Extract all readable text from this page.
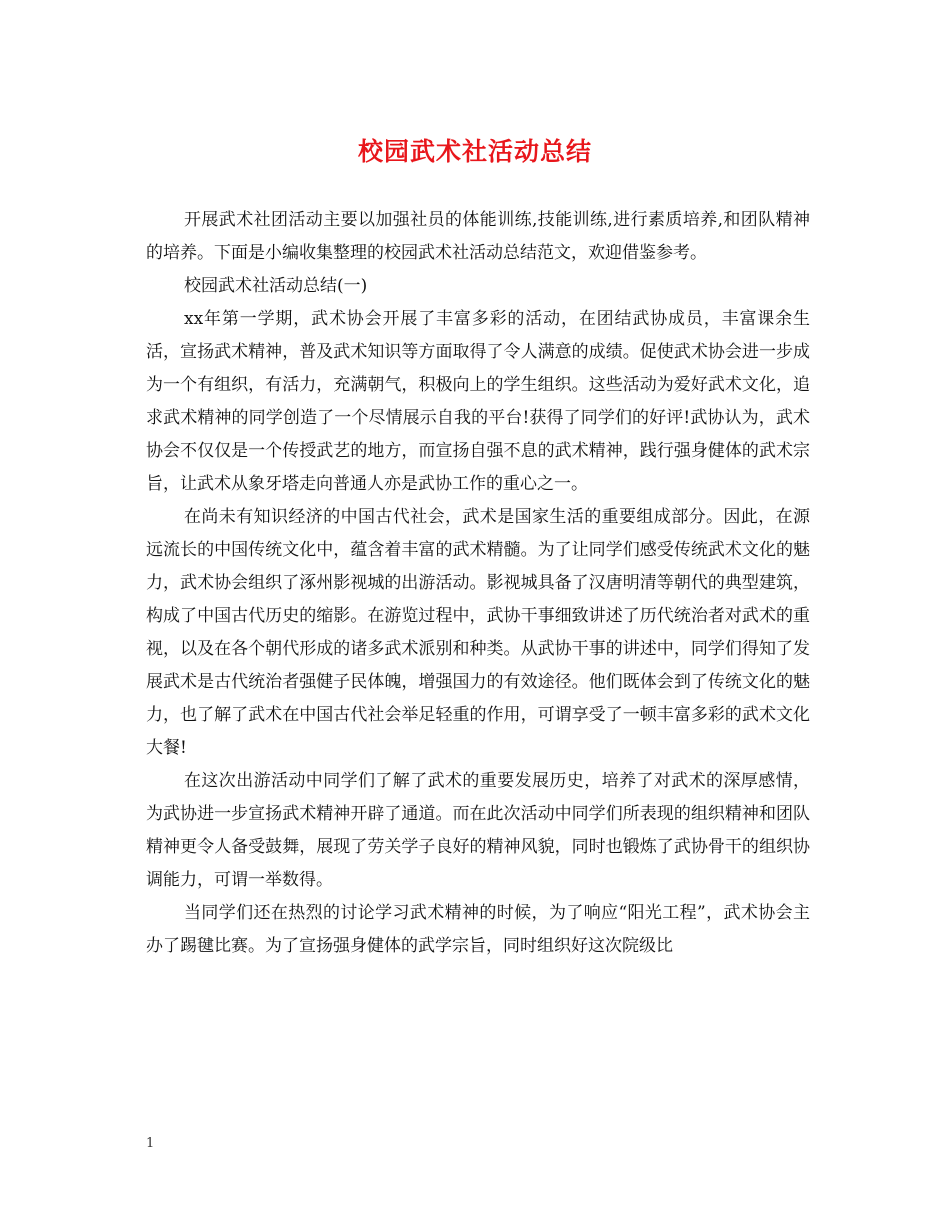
校园武术社活动总结

开展武术社团活动主要以加强社员的体能训练,技能训练,进行素质培养,和团队精神的培养。下面是小编收集整理的校园武术社活动总结范文，欢迎借鉴参考。

校园武术社活动总结(一)

xx年第一学期，武术协会开展了丰富多彩的活动，在团结武协成员，丰富课余生活，宣扬武术精神，普及武术知识等方面取得了令人满意的成绩。促使武术协会进一步成为一个有组织，有活力，充满朝气，积极向上的学生组织。这些活动为爱好武术文化，追求武术精神的同学创造了一个尽情展示自我的平台!获得了同学们的好评!武协认为，武术协会不仅仅是一个传授武艺的地方，而宣扬自强不息的武术精神，践行强身健体的武术宗旨，让武术从象牙塔走向普通人亦是武协工作的重心之一。

在尚未有知识经济的中国古代社会，武术是国家生活的重要组成部分。因此，在源远流长的中国传统文化中，蕴含着丰富的武术精髓。为了让同学们感受传统武术文化的魅力，武术协会组织了涿州影视城的出游活动。影视城具备了汉唐明清等朝代的典型建筑，构成了中国古代历史的缩影。在游览过程中，武协干事细致讲述了历代统治者对武术的重视，以及在各个朝代形成的诸多武术派别和种类。从武协干事的讲述中，同学们得知了发展武术是古代统治者强健子民体魄，增强国力的有效途径。他们既体会到了传统文化的魅力，也了解了武术在中国古代社会举足轻重的作用，可谓享受了一顿丰富多彩的武术文化大餐!

在这次出游活动中同学们了解了武术的重要发展历史，培养了对武术的深厚感情，为武协进一步宣扬武术精神开辟了通道。而在此次活动中同学们所表现的组织精神和团队精神更令人备受鼓舞，展现了劳关学子良好的精神风貌，同时也锻炼了武协骨干的组织协调能力，可谓一举数得。

当同学们还在热烈的讨论学习武术精神的时候，为了响应“阳光工程”，武术协会主办了踢毽比赛。为了宣扬强身健体的武学宗旨，同时组织好这次院级比

1
